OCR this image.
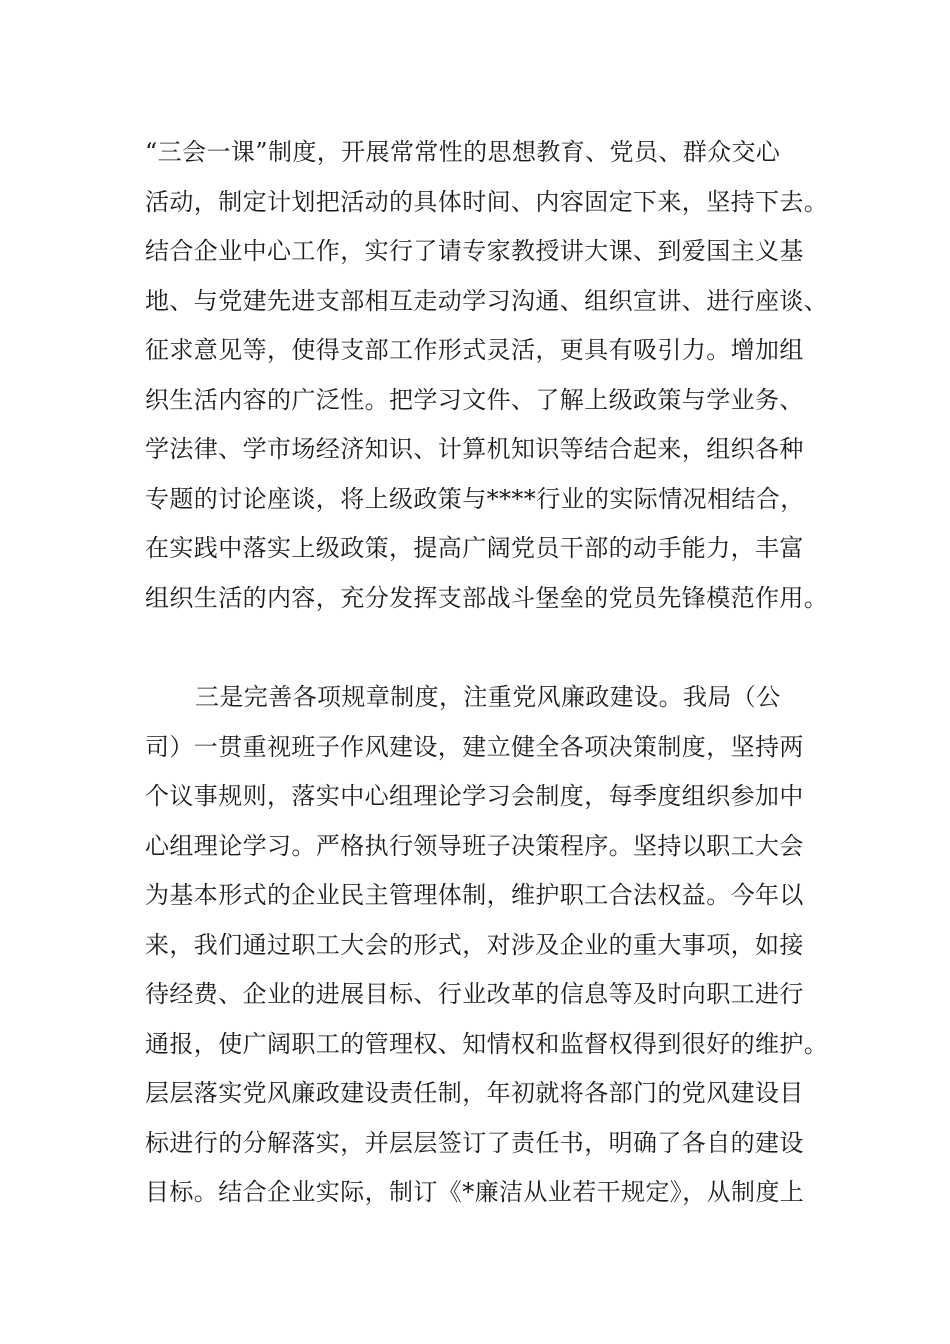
“三会一课”制度，开展常常性的思想教育、党员、群众交心
活动，制定计划把活动的具体时间、内容固定下来，坚持下去。
结合企业中心工作，实行了请专家教授讲大课、到爱国主义基
地、与党建先进支部相互走动学习沟通、组织宣讲、进行座谈、
征求意见等，使得支部工作形式灵活，更具有吸引力。增加组
织生活内容的广泛性。把学习文件、了解上级政策与学业务、
学法律、学市场经济知识、计算机知识等结合起来，组织各种
专题的讨论座谈，将上级政策与****行业的实际情况相结合，
在实践中落实上级政策，提高广阔党员干部的动手能力，丰富
组织生活的内容，充分发挥支部战斗堡垒的党员先锋模范作用。
三是完善各项规章制度，注重党风廉政建设。我局（公
司）一贯重视班子作风建设，建立健全各项决策制度，坚持两
个议事规则，落实中心组理论学习会制度，每季度组织参加中
心组理论学习。严格执行领导班子决策程序。坚持以职工大会
为基本形式的企业民主管理体制，维护职工合法权益。今年以
来，我们通过职工大会的形式，对涉及企业的重大事项，如接
待经费、企业的进展目标、行业改革的信息等及时向职工进行
通报，使广阔职工的管理权、知情权和监督权得到很好的维护。
层层落实党风廉政建设责任制，年初就将各部门的党风建设目
标进行的分解落实，并层层签订了责任书，明确了各自的建设
目标。结合企业实际，制订《*廉洁从业若干规定》，从制度上
